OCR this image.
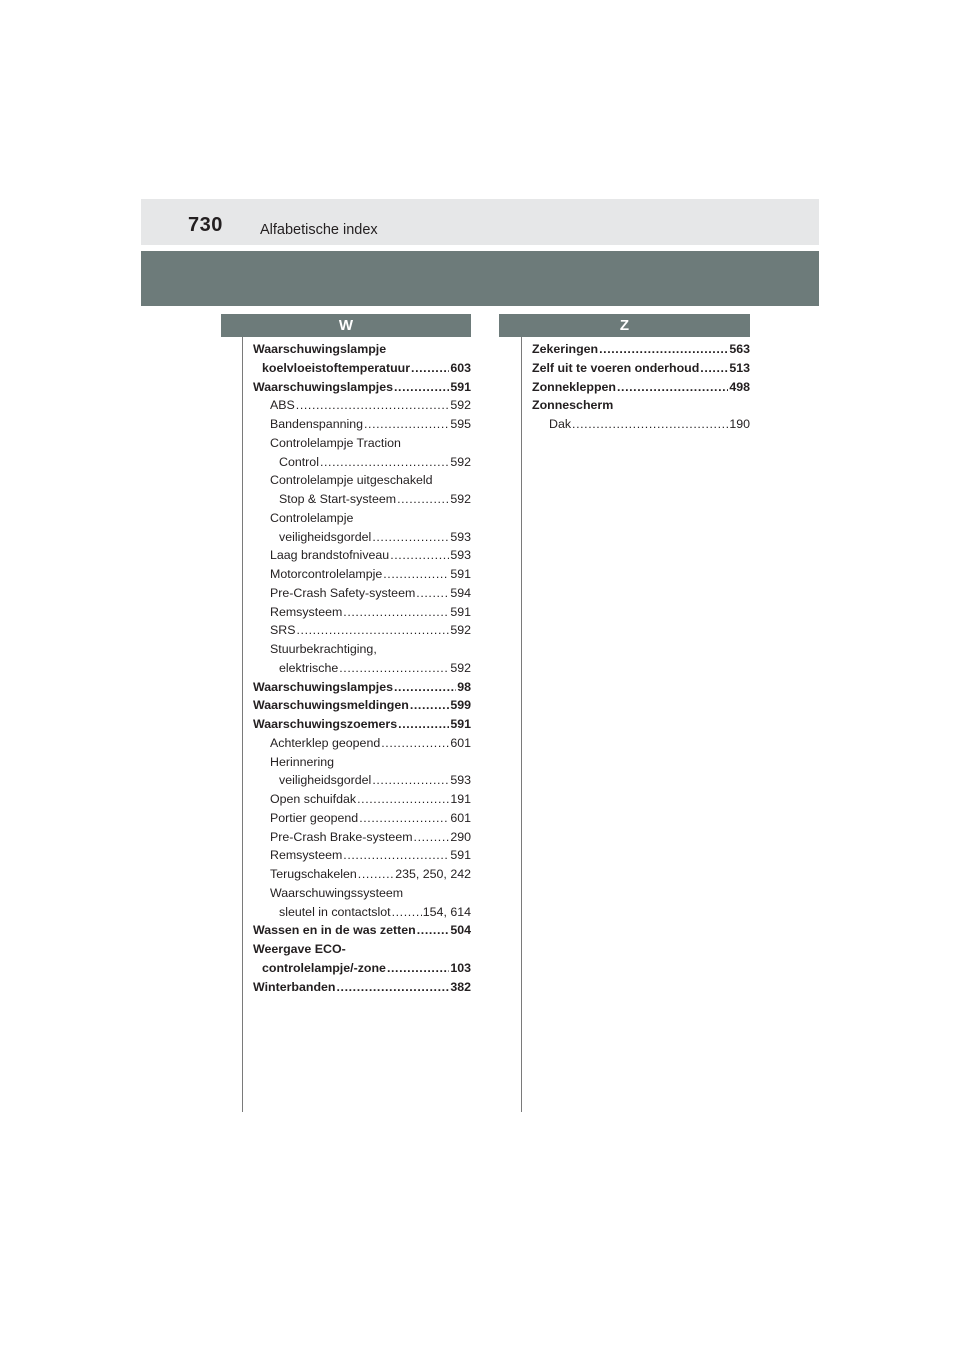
730	Alfabetische index
W	Z
Waarschuwingslampje
koelvloeistoftemperatuur .....	603
Waarschuwingslampjes .....	591
ABS .....	592
Bandenspanning .....	595
Controlelampje Traction
Control .....	592
Controlelampje uitgeschakeld
Stop & Start-systeem .....	592
Controlelampje
veiligheidsgordel .....	593
Laag brandstofniveau .....	593
Motorcontrolelampje .....	591
Pre-Crash Safety-systeem .....	594
Remsysteem .....	591
SRS .....	592
Stuurbekrachtiging,
elektrische .....	592
Waarschuwingslampjes .....	98
Waarschuwingsmeldingen .....	599
Waarschuwingszoemers .....	591
Achterklep geopend .....	601
Herinnering
veiligheidsgordel .....	593
Open schuifdak .....	191
Portier geopend .....	601
Pre-Crash Brake-systeem .....	290
Remsysteem .....	591
Terugschakelen .....	235, 250, 242
Waarschuwingssysteem
sleutel in contactslot .....	154, 614
Wassen en in de was zetten .....	504
Weergave ECO-
controlelampje/-zone .....	103
Winterbanden .....	382
Zekeringen .....	563
Zelf uit te voeren onderhoud ..... 513
Zonnekleppen .....	498
Zonnescherm
Dak .....	190
